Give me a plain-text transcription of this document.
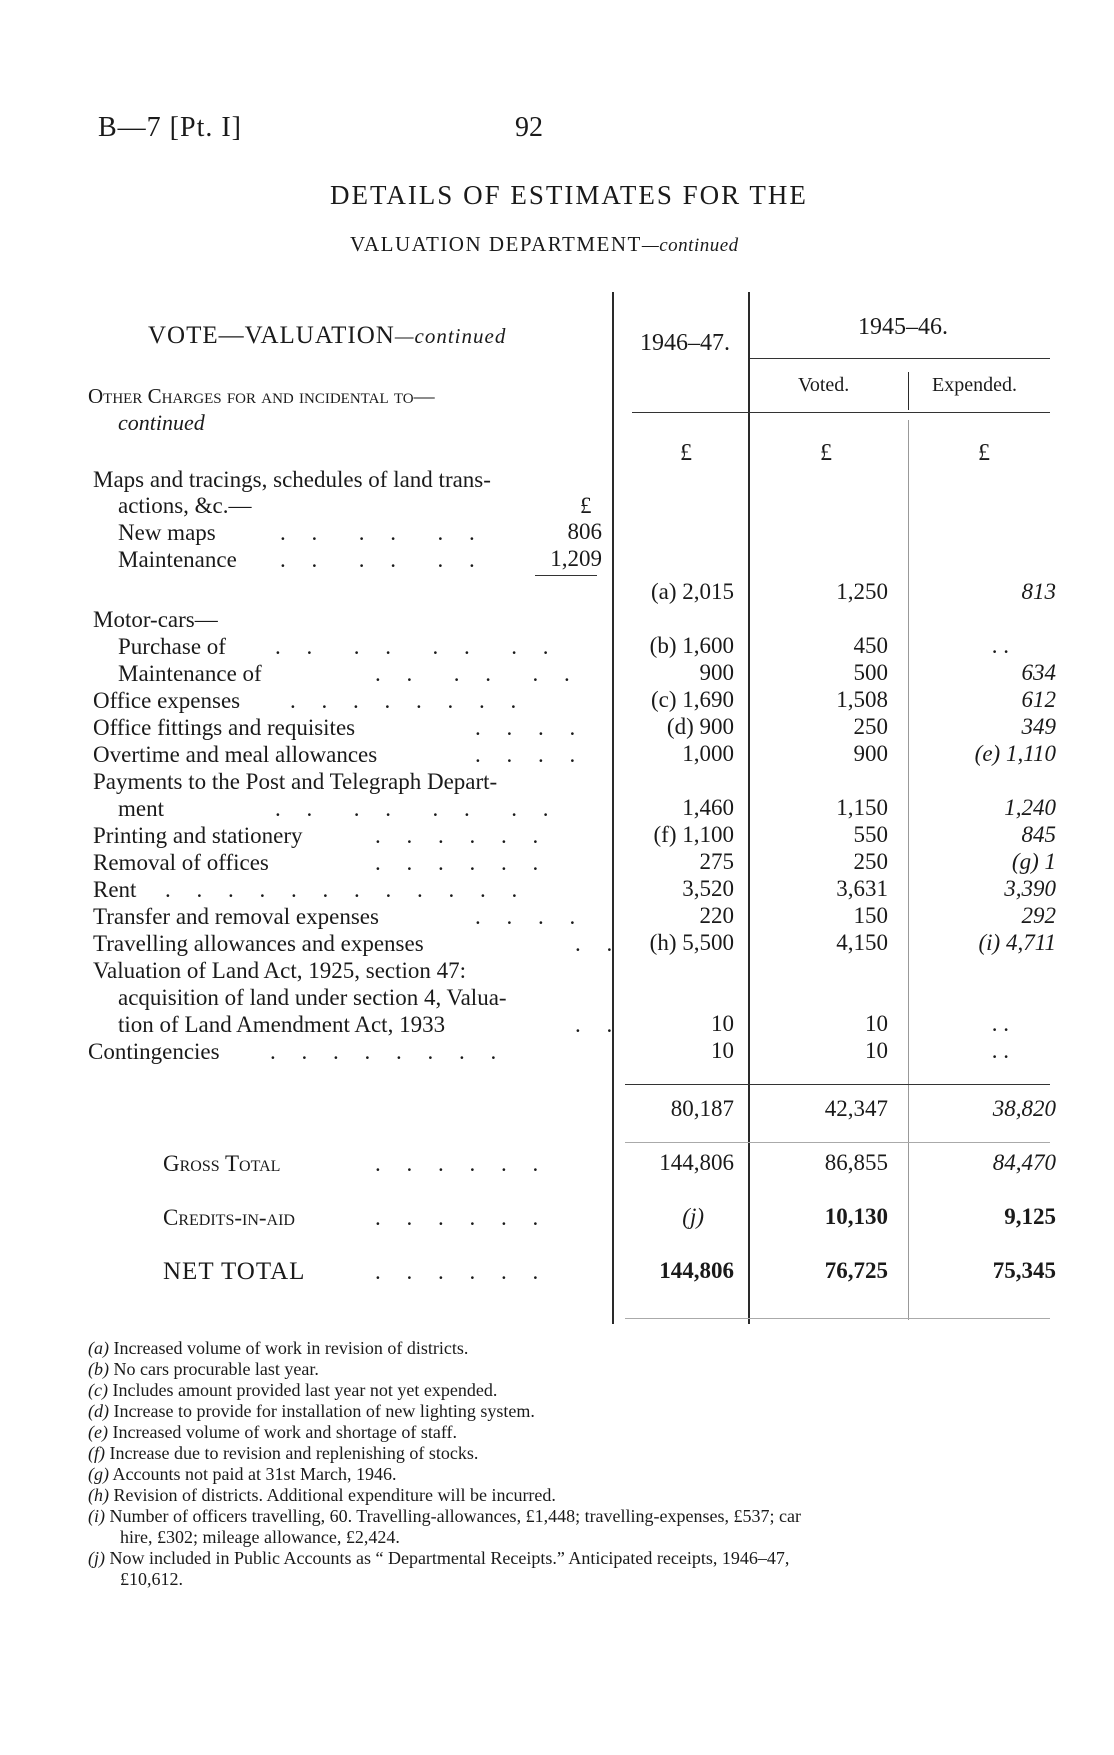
B—7 [Pt. I]	92
DETAILS OF ESTIMATES FOR THE
VALUATION DEPARTMENT—continued
VOTE—VALUATION—continued
Other Charges for and incidental to—
continued
1946–47.
1945–46.
Voted.	Expended.
£	£	£
Maps and tracings, schedules of land trans-
actions, &c.—	£
New maps	. .  . .  . .	806
Maintenance . .  . .  . .	1,209
(a) 2,015	1,250	813
Motor-cars—
Purchase of . .  . .  . .  . .	(b) 1,600	450	. .
Maintenance of	. .  . .  . .	900	500	634
Office expenses . . . . . . . .	(c) 1,690	1,508	612
Office fittings and requisites	. . . .	(d) 900	250	349
Overtime and meal allowances	. . . .	1,000	900	(e) 1,110
Payments to the Post and Telegraph Depart-
ment	. .  . .  . .  . .	1,460	1,150	1,240
Printing and stationery	. . . . . .	(f) 1,100	550	845
Removal of offices	. . . . . .	275	250	(g) 1
Rent . . . . . . . . . . . .	3,520	3,631	3,390
Transfer and removal expenses	. . . .	220	150	292
Travelling allowances and expenses	. . (h) 5,500	4,150	(i) 4,711
Valuation of Land Act, 1925, section 47:
acquisition of land under section 4, Valua-
tion of Land Amendment Act, 1933	. .	10	10	. .
Contingencies . . . . . . . .	10	10	. .
80,187	42,347	38,820
Gross Total	. . . . . .	144,806	86,855	84,470
Credits-in-aid	. . . . . .	(j)	10,130	9,125
NET TOTAL	. . . . . .	144,806	76,725	75,345
(a) Increased volume of work in revision of districts.
(b) No cars procurable last year.
(c) Includes amount provided last year not yet expended.
(d) Increase to provide for installation of new lighting system.
(e) Increased volume of work and shortage of staff.
(f) Increase due to revision and replenishing of stocks.
(g) Accounts not paid at 31st March, 1946.
(h) Revision of districts. Additional expenditure will be incurred.
(i) Number of officers travelling, 60. Travelling-allowances, £1,448; travelling-expenses, £537; car
hire, £302; mileage allowance, £2,424.
(j) Now included in Public Accounts as “ Departmental Receipts.” Anticipated receipts, 1946–47,
£10,612.
